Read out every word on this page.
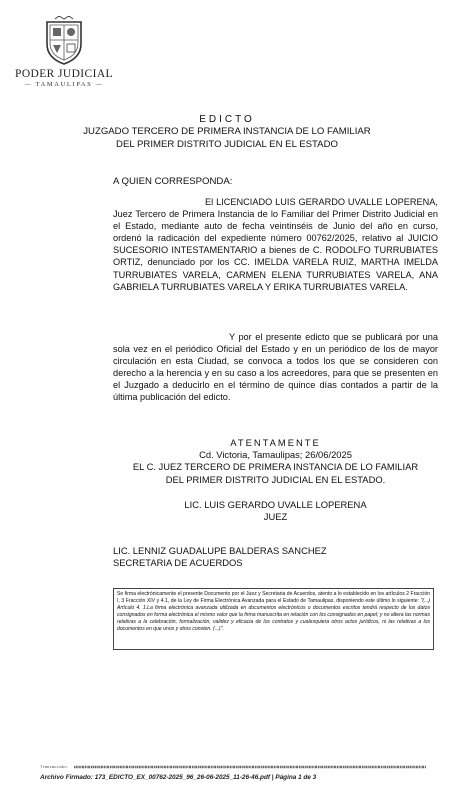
PODER JUDICIAL
— TAMAULIPAS —
EDICTO
JUZGADO TERCERO DE PRIMERA INSTANCIA DE LO FAMILIAR
DEL PRIMER DISTRITO JUDICIAL EN EL ESTADO
A QUIEN CORRESPONDA:
El LICENCIADO LUIS GERARDO UVALLE LOPERENA, Juez Tercero de Primera Instancia de lo Familiar del Primer Distrito Judicial en el Estado, mediante auto de fecha veintinséis de Junio del año en curso, ordenó la radicación del expediente número 00762/2025, relativo al JUICIO SUCESORIO INTESTAMENTARIO a bienes de C. RODOLFO TURRUBIATES ORTIZ, denunciado por los CC. IMELDA VARELA RUIZ, MARTHA IMELDA TURRUBIATES VARELA, CARMEN ELENA TURRUBIATES VARELA, ANA GABRIELA TURRUBIATES VARELA Y ERIKA TURRUBIATES VARELA.
Y por el presente edicto que se publicará por una sola vez en el periódico Oficial del Estado y en un periódico de los de mayor circulación en esta Ciudad, se convoca a todos los que se consideren con derecho a la herencia y en su caso a los acreedores, para que se presenten en el Juzgado a deducirlo en el término de quince días contados a partir de la última publicación del edicto.
ATENTAMENTE
Cd. Victoria, Tamaulipas; 26/06/2025
EL C. JUEZ TERCERO DE PRIMERA INSTANCIA DE LO FAMILIAR
DEL PRIMER DISTRITO JUDICIAL EN EL ESTADO.
LIC. LUIS GERARDO UVALLE LOPERENA
JUEZ
LIC. LENNIZ GUADALUPE BALDERAS SANCHEZ
SECRETARIA DE ACUERDOS
Se firma electrónicamente el presente Documento por el Juez y Secretaria de Acuerdos, atento a lo establecido en los artículos 2 Fracción I, 3 Fracción XIV y 4.1, de la Ley de Firma Electrónica Avanzada para el Estado de Tamaulipas, disponiendo este último lo siguiente: "(...) Artículo 4. 1.La firma electrónica avanzada utilizada en documentos electrónicos o documentos escritos tendrá respecto de los datos consignados en forma electrónica el mismo valor que la firma manuscrita en relación con los consignados en papel; y no altera las normas relativas a la celebración, formalización, validez y eficacia de los contratos y cualesquiera otros actos jurídicos, ni las relativas a los documentos en que unos y otros consten. (...)".
Transacción:
Archivo Firmado: 173_EDICTO_EX_00762-2025_96_26-06-2025_11-26-46.pdf | Página 1 de 3
